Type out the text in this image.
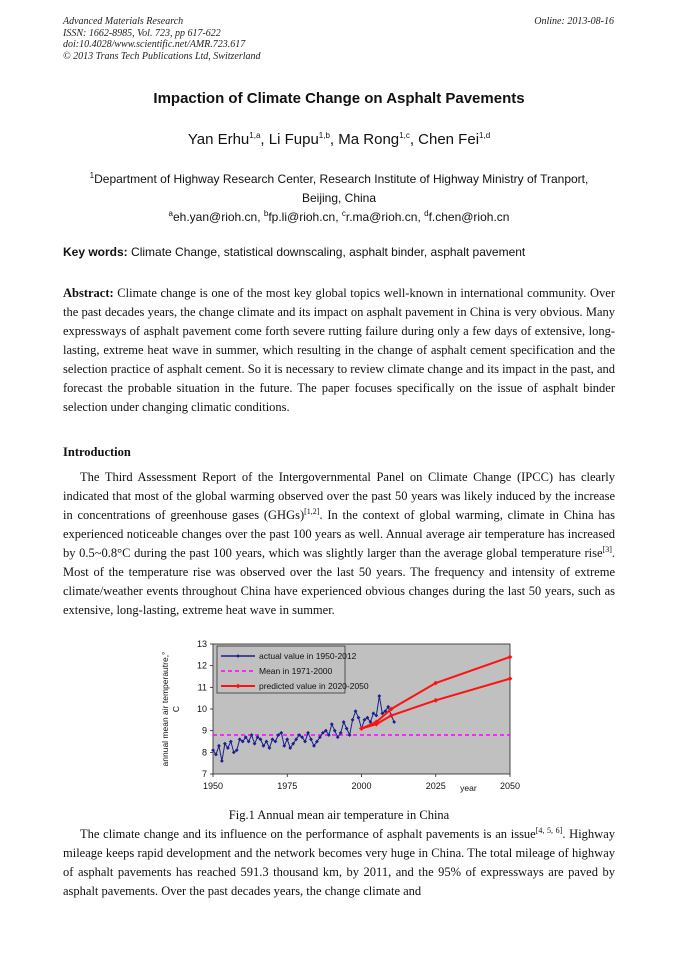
Advanced Materials Research
ISSN: 1662-8985, Vol. 723, pp 617-622
doi:10.4028/www.scientific.net/AMR.723.617
© 2013 Trans Tech Publications Ltd, Switzerland
Online: 2013-08-16
Impaction of Climate Change on Asphalt Pavements
Yan Erhu$^{1,a}$, Li Fupu$^{1,b}$, Ma Rong$^{1,c}$, Chen Fei$^{1,d}$
$^1$Department of Highway Research Center, Research Institute of Highway Ministry of Tranport,
Beijing, China
$^a$eh.yan@rioh.cn, $^b$fp.li@rioh.cn, $^c$r.ma@rioh.cn, $^d$f.chen@rioh.cn
Key words: Climate Change, statistical downscaling, asphalt binder, asphalt pavement

Abstract: Climate change is one of the most key global topics well-known in international community. Over the past decades years, the change climate and its impact on asphalt pavement in China is very obvious. Many expressways of asphalt pavement come forth severe rutting failure during only a few days of extensive, long-lasting, extreme heat wave in summer, which resulting in the change of asphalt cement specification and the selection practice of asphalt cement. So it is necessary to review climate change and its impact in the past, and forecast the probable situation in the future. The paper focuses specifically on the issue of asphalt binder selection under changing climatic conditions.

Introduction

The Third Assessment Report of the Intergovernmental Panel on Climate Change (IPCC) has clearly indicated that most of the global warming observed over the past 50 years was likely induced by the increase in concentrations of greenhouse gases (GHGs)[1,2]. In the context of global warming, climate in China has experienced noticeable changes over the past 100 years as well. Annual average air temperature has increased by 0.5~0.8°C during the past 100 years, which was slightly larger than the average global temperature rise[3]. Most of the temperature rise was observed over the last 50 years. The frequency and intensity of extreme climate/weather events throughout China have experienced obvious changes during the last 50 years, such as extensive, long-lasting, extreme heat wave in summer.

7
8
9
10
11
12
13
1950	1975	2000	2025	2050
year
annual mean air temperautre,° C
actual value in 1950-2012
Mean in 1971-2000
predicted value in 2020-2050
Fig.1 Annual mean air temperature in China

The climate change and its influence on the performance of asphalt pavements is an issue[4, 5, 6]. Highway mileage keeps rapid development and the network becomes very huge in China. The total mileage of highway of asphalt pavements has reached 591.3 thousand km, by 2011, and the 95% of expressways are paved by asphalt pavements. Over the past decades years, the change climate and
